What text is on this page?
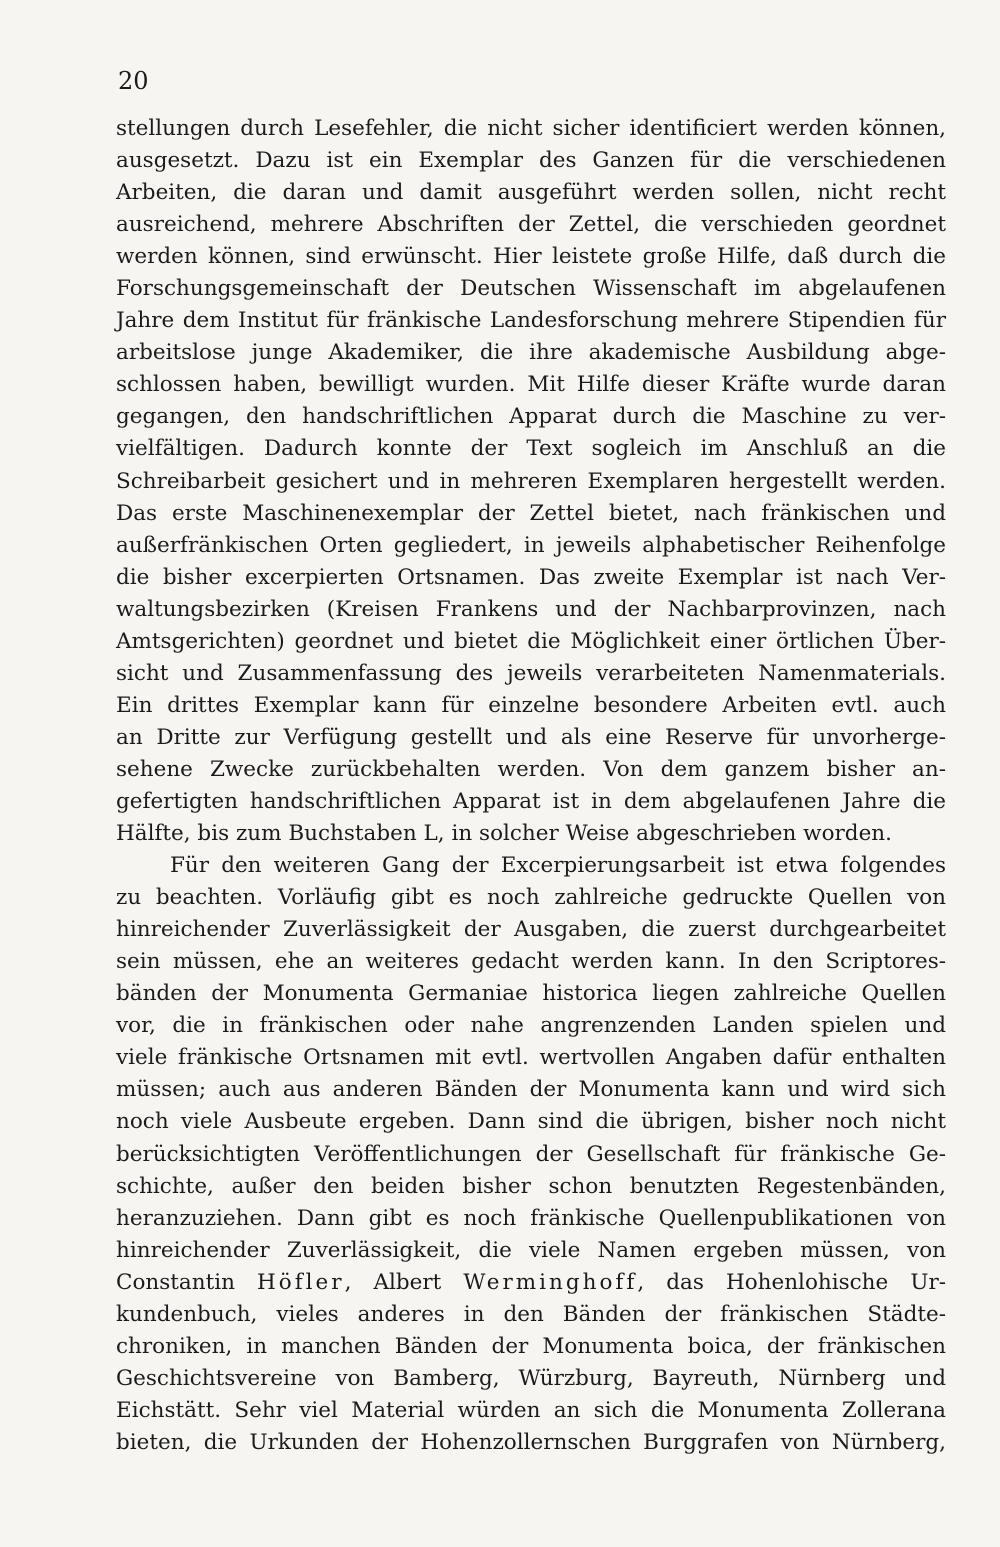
20
stellungen durch Lesefehler, die nicht sicher identificiert werden können,
ausgesetzt. Dazu ist ein Exemplar des Ganzen für die verschiedenen
Arbeiten, die daran und damit ausgeführt werden sollen, nicht recht
ausreichend, mehrere Abschriften der Zettel, die verschieden geordnet
werden können, sind erwünscht. Hier leistete große Hilfe, daß durch die
Forschungsgemeinschaft der Deutschen Wissenschaft im abgelaufenen
Jahre dem Institut für fränkische Landesforschung mehrere Stipendien für
arbeitslose junge Akademiker, die ihre akademische Ausbildung abge-
schlossen haben, bewilligt wurden. Mit Hilfe dieser Kräfte wurde daran
gegangen, den handschriftlichen Apparat durch die Maschine zu ver-
vielfältigen. Dadurch konnte der Text sogleich im Anschluß an die
Schreibarbeit gesichert und in mehreren Exemplaren hergestellt werden.
Das erste Maschinenexemplar der Zettel bietet, nach fränkischen und
außerfränkischen Orten gegliedert, in jeweils alphabetischer Reihenfolge
die bisher excerpierten Ortsnamen. Das zweite Exemplar ist nach Ver-
waltungsbezirken (Kreisen Frankens und der Nachbarprovinzen, nach
Amtsgerichten) geordnet und bietet die Möglichkeit einer örtlichen Über-
sicht und Zusammenfassung des jeweils verarbeiteten Namenmaterials.
Ein drittes Exemplar kann für einzelne besondere Arbeiten evtl. auch
an Dritte zur Verfügung gestellt und als eine Reserve für unvorherge-
sehene Zwecke zurückbehalten werden. Von dem ganzem bisher an-
gefertigten handschriftlichen Apparat ist in dem abgelaufenen Jahre die
Hälfte, bis zum Buchstaben L, in solcher Weise abgeschrieben worden.
Für den weiteren Gang der Excerpierungsarbeit ist etwa folgendes
zu beachten. Vorläufig gibt es noch zahlreiche gedruckte Quellen von
hinreichender Zuverlässigkeit der Ausgaben, die zuerst durchgearbeitet
sein müssen, ehe an weiteres gedacht werden kann. In den Scriptores-
bänden der Monumenta Germaniae historica liegen zahlreiche Quellen
vor, die in fränkischen oder nahe angrenzenden Landen spielen und
viele fränkische Ortsnamen mit evtl. wertvollen Angaben dafür enthalten
müssen; auch aus anderen Bänden der Monumenta kann und wird sich
noch viele Ausbeute ergeben. Dann sind die übrigen, bisher noch nicht
berücksichtigten Veröffentlichungen der Gesellschaft für fränkische Ge-
schichte, außer den beiden bisher schon benutzten Regestenbänden,
heranzuziehen. Dann gibt es noch fränkische Quellenpublikationen von
hinreichender Zuverlässigkeit, die viele Namen ergeben müssen, von
Constantin Höfler, Albert Werminghoff, das Hohenlohische Ur-
kundenbuch, vieles anderes in den Bänden der fränkischen Städte-
chroniken, in manchen Bänden der Monumenta boica, der fränkischen
Geschichtsvereine von Bamberg, Würzburg, Bayreuth, Nürnberg und
Eichstätt. Sehr viel Material würden an sich die Monumenta Zollerana
bieten, die Urkunden der Hohenzollernschen Burggrafen von Nürnberg,
